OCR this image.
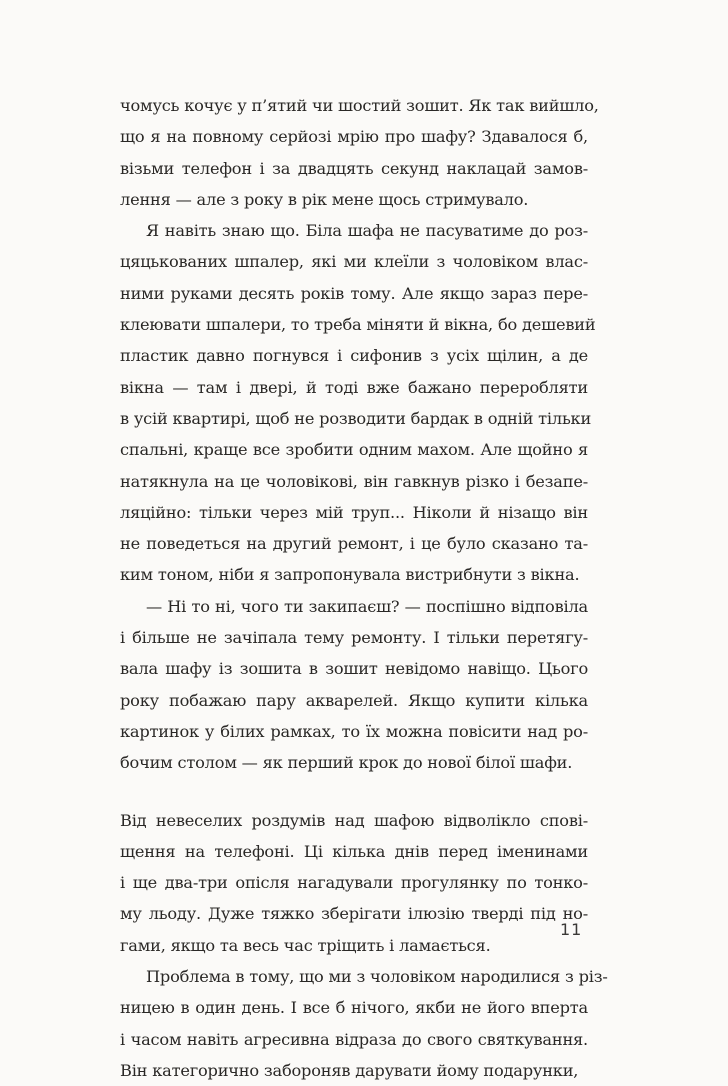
чомусь кочує у п’ятий чи шостий зошит. Як так вийшло,
що я на повному серйозі мрію про шафу? Здавалося б,
візьми телефон і за двадцять секунд наклацай замов-
лення — але з року в рік мене щось стримувало.
Я навіть знаю що. Біла шафа не пасуватиме до роз-
цяцькованих шпалер, які ми клеїли з чоловіком влас-
ними руками десять років тому. Але якщо зараз пере-
клеювати шпалери, то треба міняти й вікна, бо дешевий
пластик давно погнувся і сифонив з усіх щілин, а де
вікна — там і двері, й тоді вже бажано переробляти
в усій квартирі, щоб не розводити бардак в одній тільки
спальні, краще все зробити одним махом. Але щойно я
натякнула на це чоловікові, він гавкнув різко і безапе-
ляційно: тільки через мій труп... Ніколи й нізащо він
не поведеться на другий ремонт, і це було сказано та-
ким тоном, ніби я запропонувала вистрибнути з вікна.
— Ні то ні, чого ти закипаєш? — поспішно відповіла
і більше не зачіпала тему ремонту. І тільки перетягу-
вала шафу із зошита в зошит невідомо навіщо. Цього
року побажаю пару акварелей. Якщо купити кілька
картинок у білих рамках, то їх можна повісити над ро-
бочим столом — як перший крок до нової білої шафи.
Від невеселих роздумів над шафою відволікло спові-
щення на телефоні. Ці кілька днів перед іменинами
і ще два-три опісля нагадували прогулянку по тонко-
му льоду. Дуже тяжко зберігати ілюзію тверді під но-
гами, якщо та весь час тріщить і ламається.
Проблема в тому, що ми з чоловіком народилися з різ-
ницею в один день. І все б нічого, якби не його вперта
і часом навіть агресивна відраза до свого святкування.
Він категорично забороняв дарувати йому подарунки,
11
